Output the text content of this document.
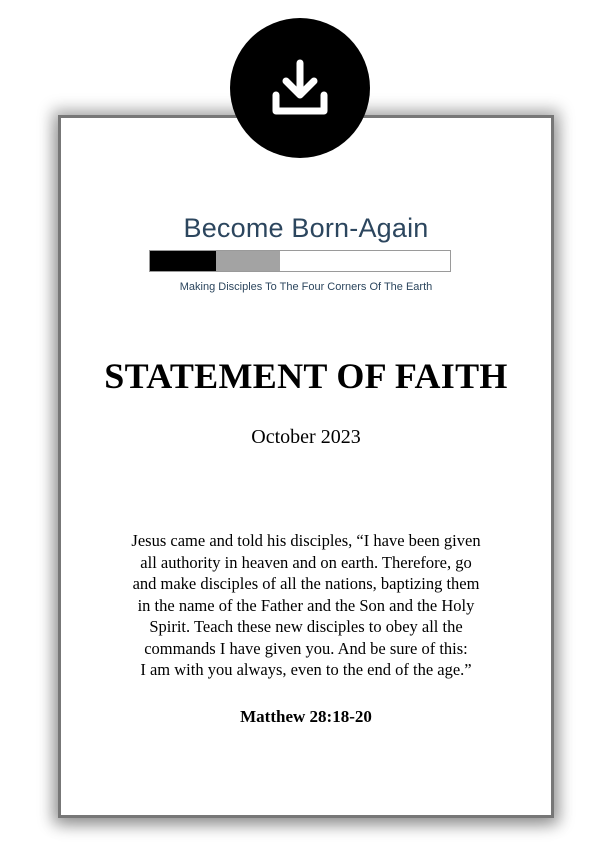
Become Born-Again
Making Disciples To The Four Corners Of The Earth
STATEMENT OF FAITH
October 2023
Jesus came and told his disciples, “I have been given
all authority in heaven and on earth. Therefore, go
and make disciples of all the nations, baptizing them
in the name of the Father and the Son and the Holy
Spirit. Teach these new disciples to obey all the
commands I have given you. And be sure of this:
I am with you always, even to the end of the age.”
Matthew 28:18-20
